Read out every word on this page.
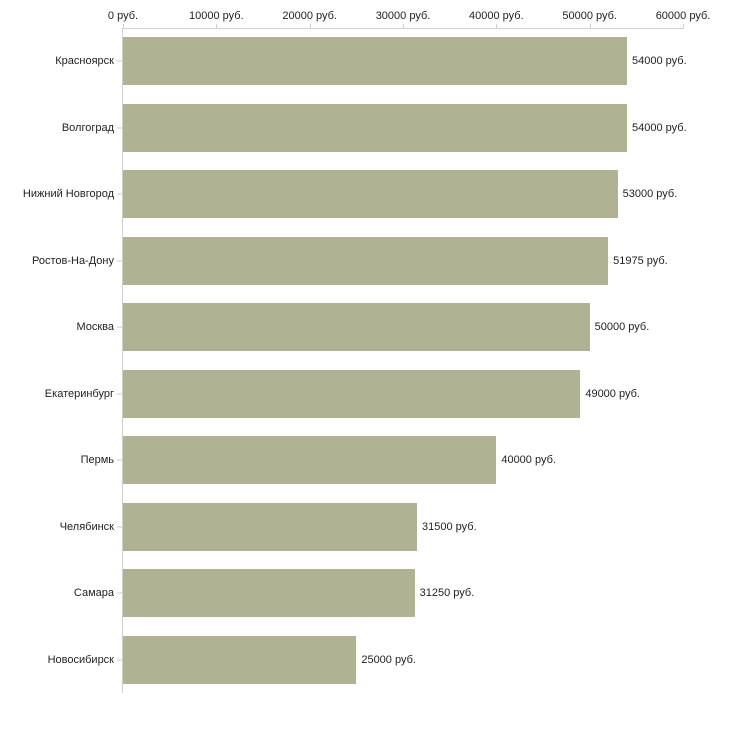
0 руб.	10000 руб.	20000 руб.	30000 руб.	40000 руб.	50000 руб.	60000 руб.
Красноярск	54000 руб.
Волгоград	54000 руб.
Нижний Новгород	53000 руб.
Ростов-На-Дону	51975 руб.
Москва	50000 руб.
Екатеринбург	49000 руб.
Пермь	40000 руб.
Челябинск	31500 руб.
Самара	31250 руб.
Новосибирск	25000 руб.
